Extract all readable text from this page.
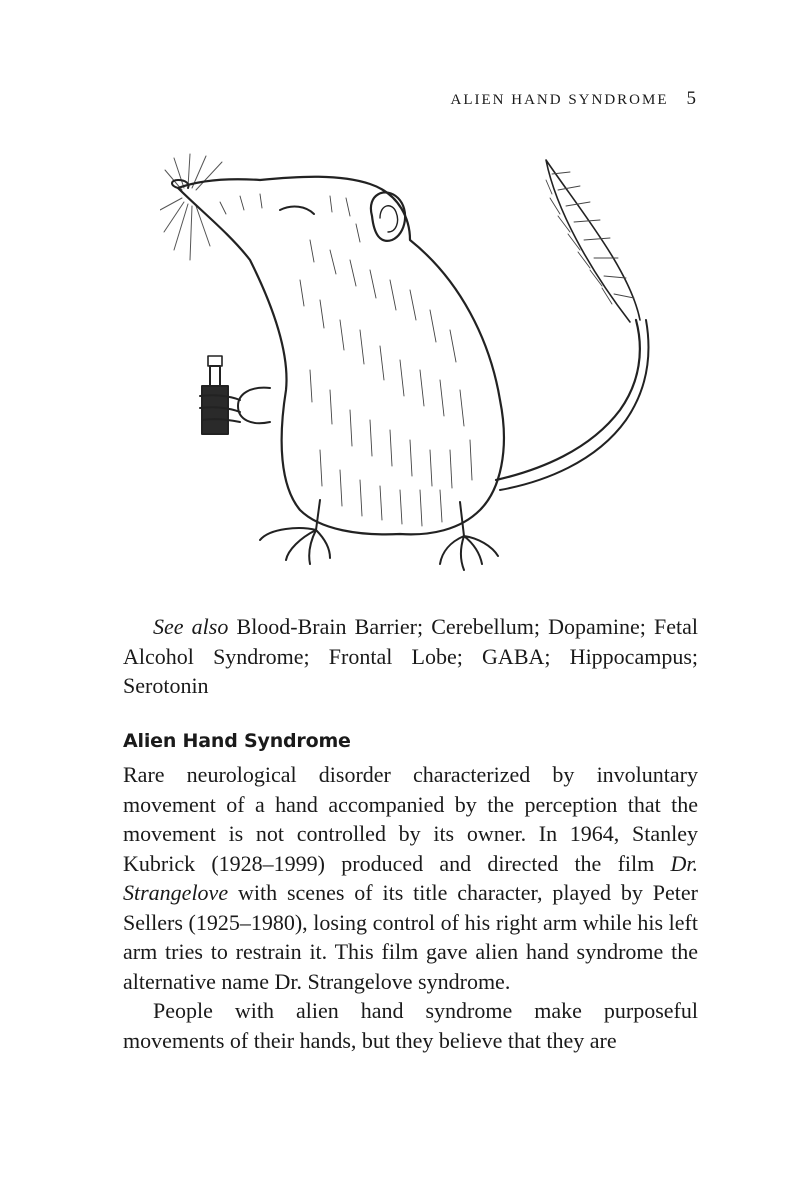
ALIEN HAND SYNDROME 5
See also Blood-Brain Barrier; Cerebellum; Dopamine; Fetal Alcohol Syndrome; Frontal Lobe; GABA; Hippocampus; Serotonin
Alien Hand Syndrome

Rare neurological disorder characterized by involuntary movement of a hand accompanied by the perception that the movement is not controlled by its owner. In 1964, Stanley Kubrick (1928–1999) produced and directed the film Dr. Strangelove with scenes of its title character, played by Peter Sellers (1925–1980), losing control of his right arm while his left arm tries to restrain it. This film gave alien hand syndrome the alternative name Dr. Strangelove syndrome.

People with alien hand syndrome make purposeful movements of their hands, but they believe that they are
